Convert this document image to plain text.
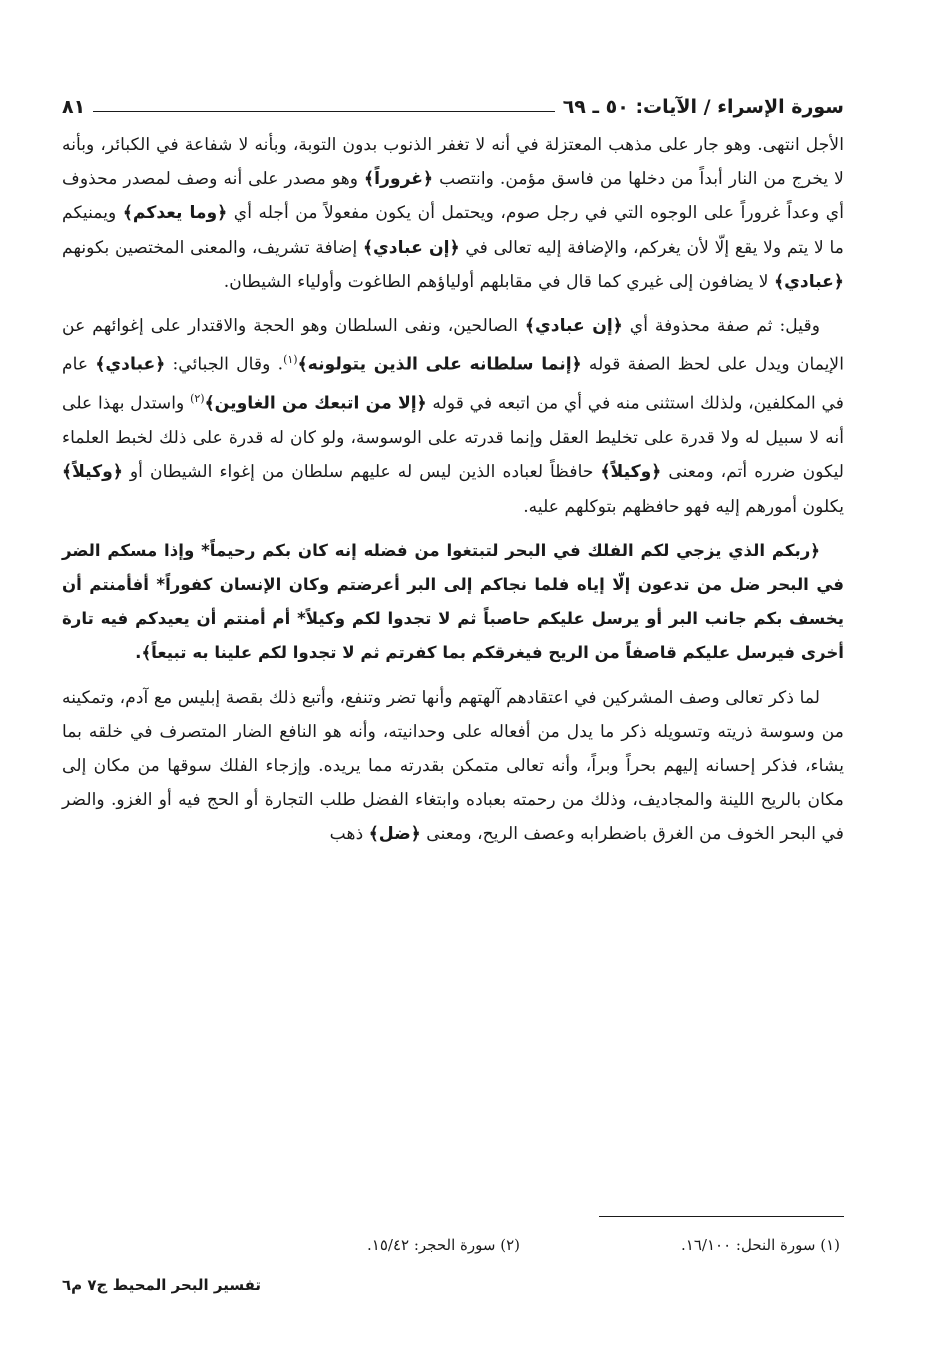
سورة الإسراء / الآيات: ٥٠ ـ ٦٩
٨١

الأجل انتهى. وهو جار على مذهب المعتزلة في أنه لا تغفر الذنوب بدون التوبة، وبأنه لا شفاعة في الكبائر، وبأنه لا يخرج من النار أبداً من دخلها من فاسق مؤمن. وانتصب ﴿غروراً﴾ وهو مصدر على أنه وصف لمصدر محذوف أي وعداً غروراً على الوجوه التي في رجل صوم، ويحتمل أن يكون مفعولاً من أجله أي ﴿وما يعدكم﴾ ويمنيكم ما لا يتم ولا يقع إلّا لأن يغركم، والإضافة إليه تعالى في ﴿إن عبادي﴾ إضافة تشريف، والمعنى المختصين بكونهم ﴿عبادي﴾ لا يضافون إلى غيري كما قال في مقابلهم أولياؤهم الطاغوت وأولياء الشيطان.

وقيل: ثم صفة محذوفة أي ﴿إن عبادي﴾ الصالحين، ونفى السلطان وهو الحجة والاقتدار على إغوائهم عن الإيمان ويدل على لحظ الصفة قوله ﴿إنما سلطانه على الذين يتولونه﴾$^{(١)}$. وقال الجبائي: ﴿عبادي﴾ عام في المكلفين، ولذلك استثنى منه في أي من اتبعه في قوله ﴿إلا من اتبعك من الغاوين﴾$^{(٢)}$ واستدل بهذا على أنه لا سبيل له ولا قدرة على تخليط العقل وإنما قدرته على الوسوسة، ولو كان له قدرة على ذلك لخبط العلماء ليكون ضرره أتم، ومعنى ﴿وكيلاً﴾ حافظاً لعباده الذين ليس له عليهم سلطان من إغواء الشيطان أو ﴿وكيلاً﴾ يكلون أمورهم إليه فهو حافظهم بتوكلهم عليه.

﴿ربكم الذي يزجي لكم الفلك في البحر لتبتغوا من فضله إنه كان بكم رحيماً* وإذا مسكم الضر في البحر ضل من تدعون إلّا إياه فلما نجاكم إلى البر أعرضتم وكان الإنسان كفوراً* أفأمنتم أن يخسف بكم جانب البر أو يرسل عليكم حاصباً ثم لا تجدوا لكم وكيلاً* أم أمنتم أن يعيدكم فيه تارة أخرى فيرسل عليكم قاصفاً من الريح فيغرقكم بما كفرتم ثم لا تجدوا لكم علينا به تبيعاً﴾.

لما ذكر تعالى وصف المشركين في اعتقادهم آلهتهم وأنها تضر وتنفع، وأتبع ذلك بقصة إبليس مع آدم، وتمكينه من وسوسة ذريته وتسويله ذكر ما يدل من أفعاله على وحدانيته، وأنه هو النافع الضار المتصرف في خلقه بما يشاء، فذكر إحسانه إليهم بحراً وبراً، وأنه تعالى متمكن بقدرته مما يريده. وإزجاء الفلك سوقها من مكان إلى مكان بالريح اللينة والمجاديف، وذلك من رحمته بعباده وابتغاء الفضل طلب التجارة أو الحج فيه أو الغزو. والضر في البحر الخوف من الغرق باضطرابه وعصف الريح، ومعنى ﴿ضل﴾ ذهب

(١) سورة النحل: ١٦/١٠٠.
(٢) سورة الحجر: ١٥/٤٢.
تفسير البحر المحيط ج٧ م٦
